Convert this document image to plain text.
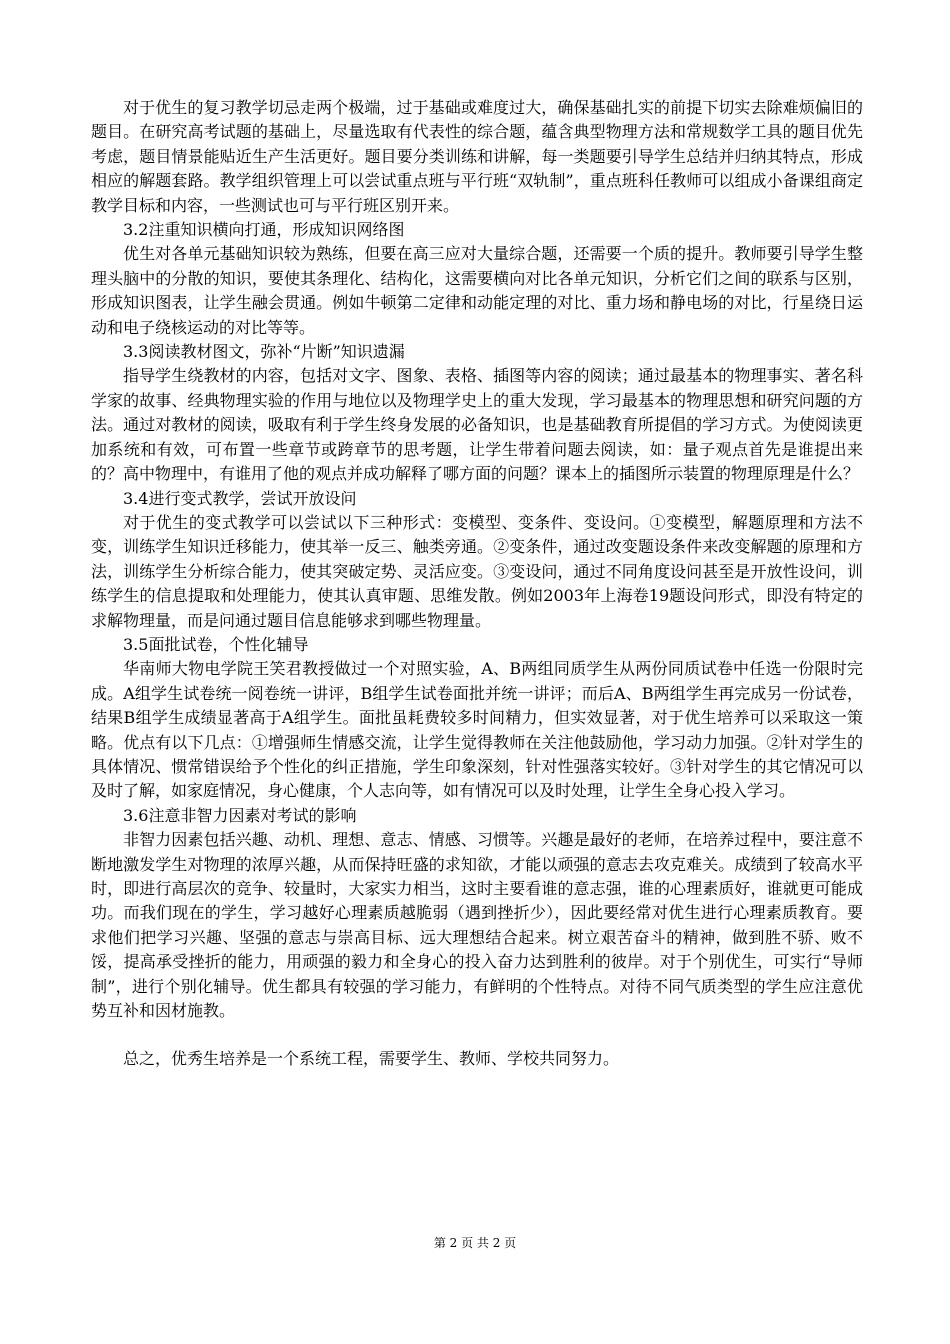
对于优生的复习教学切忌走两个极端，过于基础或难度过大，确保基础扎实的前提下切实去除难烦偏旧的题目。在研究高考试题的基础上，尽量选取有代表性的综合题，蕴含典型物理方法和常规数学工具的题目优先考虑，题目情景能贴近生产生活更好。题目要分类训练和讲解，每一类题要引导学生总结并归纳其特点，形成相应的解题套路。教学组织管理上可以尝试重点班与平行班“双轨制”，重点班科任教师可以组成小备课组商定教学目标和内容，一些测试也可与平行班区别开来。

3.2注重知识横向打通，形成知识网络图

优生对各单元基础知识较为熟练，但要在高三应对大量综合题，还需要一个质的提升。教师要引导学生整理头脑中的分散的知识，要使其条理化、结构化，这需要横向对比各单元知识，分析它们之间的联系与区别，形成知识图表，让学生融会贯通。例如牛顿第二定律和动能定理的对比、重力场和静电场的对比，行星绕日运动和电子绕核运动的对比等等。

3.3阅读教材图文，弥补“片断”知识遗漏

指导学生绕教材的内容，包括对文字、图象、表格、插图等内容的阅读；通过最基本的物理事实、著名科学家的故事、经典物理实验的作用与地位以及物理学史上的重大发现，学习最基本的物理思想和研究问题的方法。通过对教材的阅读，吸取有利于学生终身发展的必备知识，也是基础教育所提倡的学习方式。为使阅读更加系统和有效，可布置一些章节或跨章节的思考题，让学生带着问题去阅读，如：量子观点首先是谁提出来的？高中物理中，有谁用了他的观点并成功解释了哪方面的问题？课本上的插图所示装置的物理原理是什么？

3.4进行变式教学，尝试开放设问

对于优生的变式教学可以尝试以下三种形式：变模型、变条件、变设问。①变模型，解题原理和方法不变，训练学生知识迁移能力，使其举一反三、触类旁通。②变条件，通过改变题设条件来改变解题的原理和方法，训练学生分析综合能力，使其突破定势、灵活应变。③变设问，通过不同角度设问甚至是开放性设问，训练学生的信息提取和处理能力，使其认真审题、思维发散。例如2003年上海卷19题设问形式，即没有特定的求解物理量，而是问通过题目信息能够求到哪些物理量。

3.5面批试卷，个性化辅导

华南师大物电学院王笑君教授做过一个对照实验，A、B两组同质学生从两份同质试卷中任选一份限时完成。A组学生试卷统一阅卷统一讲评，B组学生试卷面批并统一讲评；而后A、B两组学生再完成另一份试卷，结果B组学生成绩显著高于A组学生。面批虽耗费较多时间精力，但实效显著，对于优生培养可以采取这一策略。优点有以下几点：①增强师生情感交流，让学生觉得教师在关注他鼓励他，学习动力加强。②针对学生的具体情况、惯常错误给予个性化的纠正措施，学生印象深刻，针对性强落实较好。③针对学生的其它情况可以及时了解，如家庭情况，身心健康，个人志向等，如有情况可以及时处理，让学生全身心投入学习。

3.6注意非智力因素对考试的影响

非智力因素包括兴趣、动机、理想、意志、情感、习惯等。兴趣是最好的老师，在培养过程中，要注意不断地激发学生对物理的浓厚兴趣，从而保持旺盛的求知欲，才能以顽强的意志去攻克难关。成绩到了较高水平时，即进行高层次的竞争、较量时，大家实力相当，这时主要看谁的意志强，谁的心理素质好，谁就更可能成功。而我们现在的学生，学习越好心理素质越脆弱（遇到挫折少），因此要经常对优生进行心理素质教育。要求他们把学习兴趣、坚强的意志与崇高目标、远大理想结合起来。树立艰苦奋斗的精神，做到胜不骄、败不馁，提高承受挫折的能力，用顽强的毅力和全身心的投入奋力达到胜利的彼岸。对于个别优生，可实行“导师制”，进行个别化辅导。优生都具有较强的学习能力，有鲜明的个性特点。对待不同气质类型的学生应注意优势互补和因材施教。

总之，优秀生培养是一个系统工程，需要学生、教师、学校共同努力。

第 2 页 共 2 页
